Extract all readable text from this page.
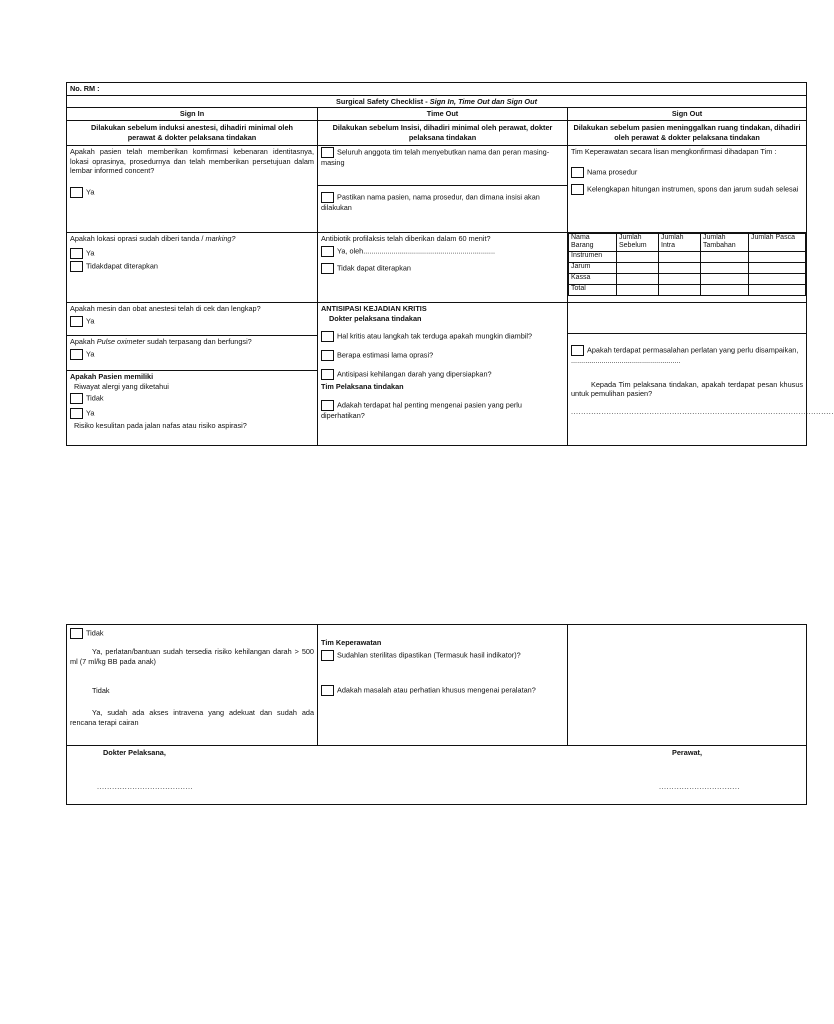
No. RM :
Surgical Safety Checklist - Sign In, Time Out dan Sign Out
Sign In	Time Out	Sign Out
Dilakukan sebelum induksi anestesi, dihadiri minimal oleh perawat & dokter pelaksana tindakan	Dilakukan sebelum Insisi, dihadiri minimal oleh perawat, dokter pelaksana tindakan	Dilakukan sebelum pasien meninggalkan ruang tindakan, dihadiri oleh perawat & dokter pelaksana tindakan

Apakah pasien telah memberikan komfirmasi kebenaran identitasnya, lokasi oprasinya, prosedurnya dan telah memberikan persetujuan dalam lembar informed concent?
Ya

Seluruh anggota tim telah menyebutkan nama dan peran masing-masing
Pastikan nama pasien, nama prosedur, dan dimana insisi akan dilakukan

Tim Keperawatan secara lisan mengkonfirmasi dihadapan Tim :
Nama prosedur
Kelengkapan hitungan instrumen, spons dan jarum sudah selesai

Apakah lokasi oprasi sudah diberi tanda / marking?
Ya
Tidakdapat diterapkan

Antibiotik profilaksis telah diberikan dalam 60 menit?
Ya, oleh.................................................................
Tidak dapat diterapkan

Nama Barang	Jumlah Sebelum	Jumlah Intra	Jumlah Tambahan	Jumlah Pasca
Instrumen				
Jarum				
Kassa				
Total				

Apakah mesin dan obat anestesi telah di cek dan lengkap?
Ya
Apakah Pulse oximeter sudah terpasang dan berfungsi?
Ya
Apakah Pasien memiliki
Riwayat alergi yang diketahui
Tidak
Ya
Risiko kesulitan pada jalan nafas atau risiko aspirasi?

ANTISIPASI KEJADIAN KRITIS
Dokter pelaksana tindakan
Hal kritis atau langkah tak terduga apakah mungkin diambil?
Berapa estimasi lama oprasi?
Antisipasi kehilangan darah yang dipersiapkan?
Tim Pelaksana tindakan
Adakah terdapat hal penting mengenai pasien yang perlu diperhatikan?

Apakah terdapat permasalahan perlatan yang perlu disampaikan, ......................................................
Kepada Tim pelaksana tindakan, apakah terdapat pesan khusus untuk pemulihan pasien?
........................................................................................................
Tidak
Ya, perlatan/bantuan sudah tersedia risiko kehilangan darah > 500 ml (7 ml/kg BB pada anak)
Tidak
Ya, sudah ada akses intravena yang adekuat dan sudah ada rencana terapi cairan

Tim Keperawatan
Sudahlan sterilitas dipastikan (Termasuk hasil indikator)?
Adakah masalah atau perhatian khusus mengenai peralatan?

Dokter Pelaksana,	Perawat,
......................................	................................
